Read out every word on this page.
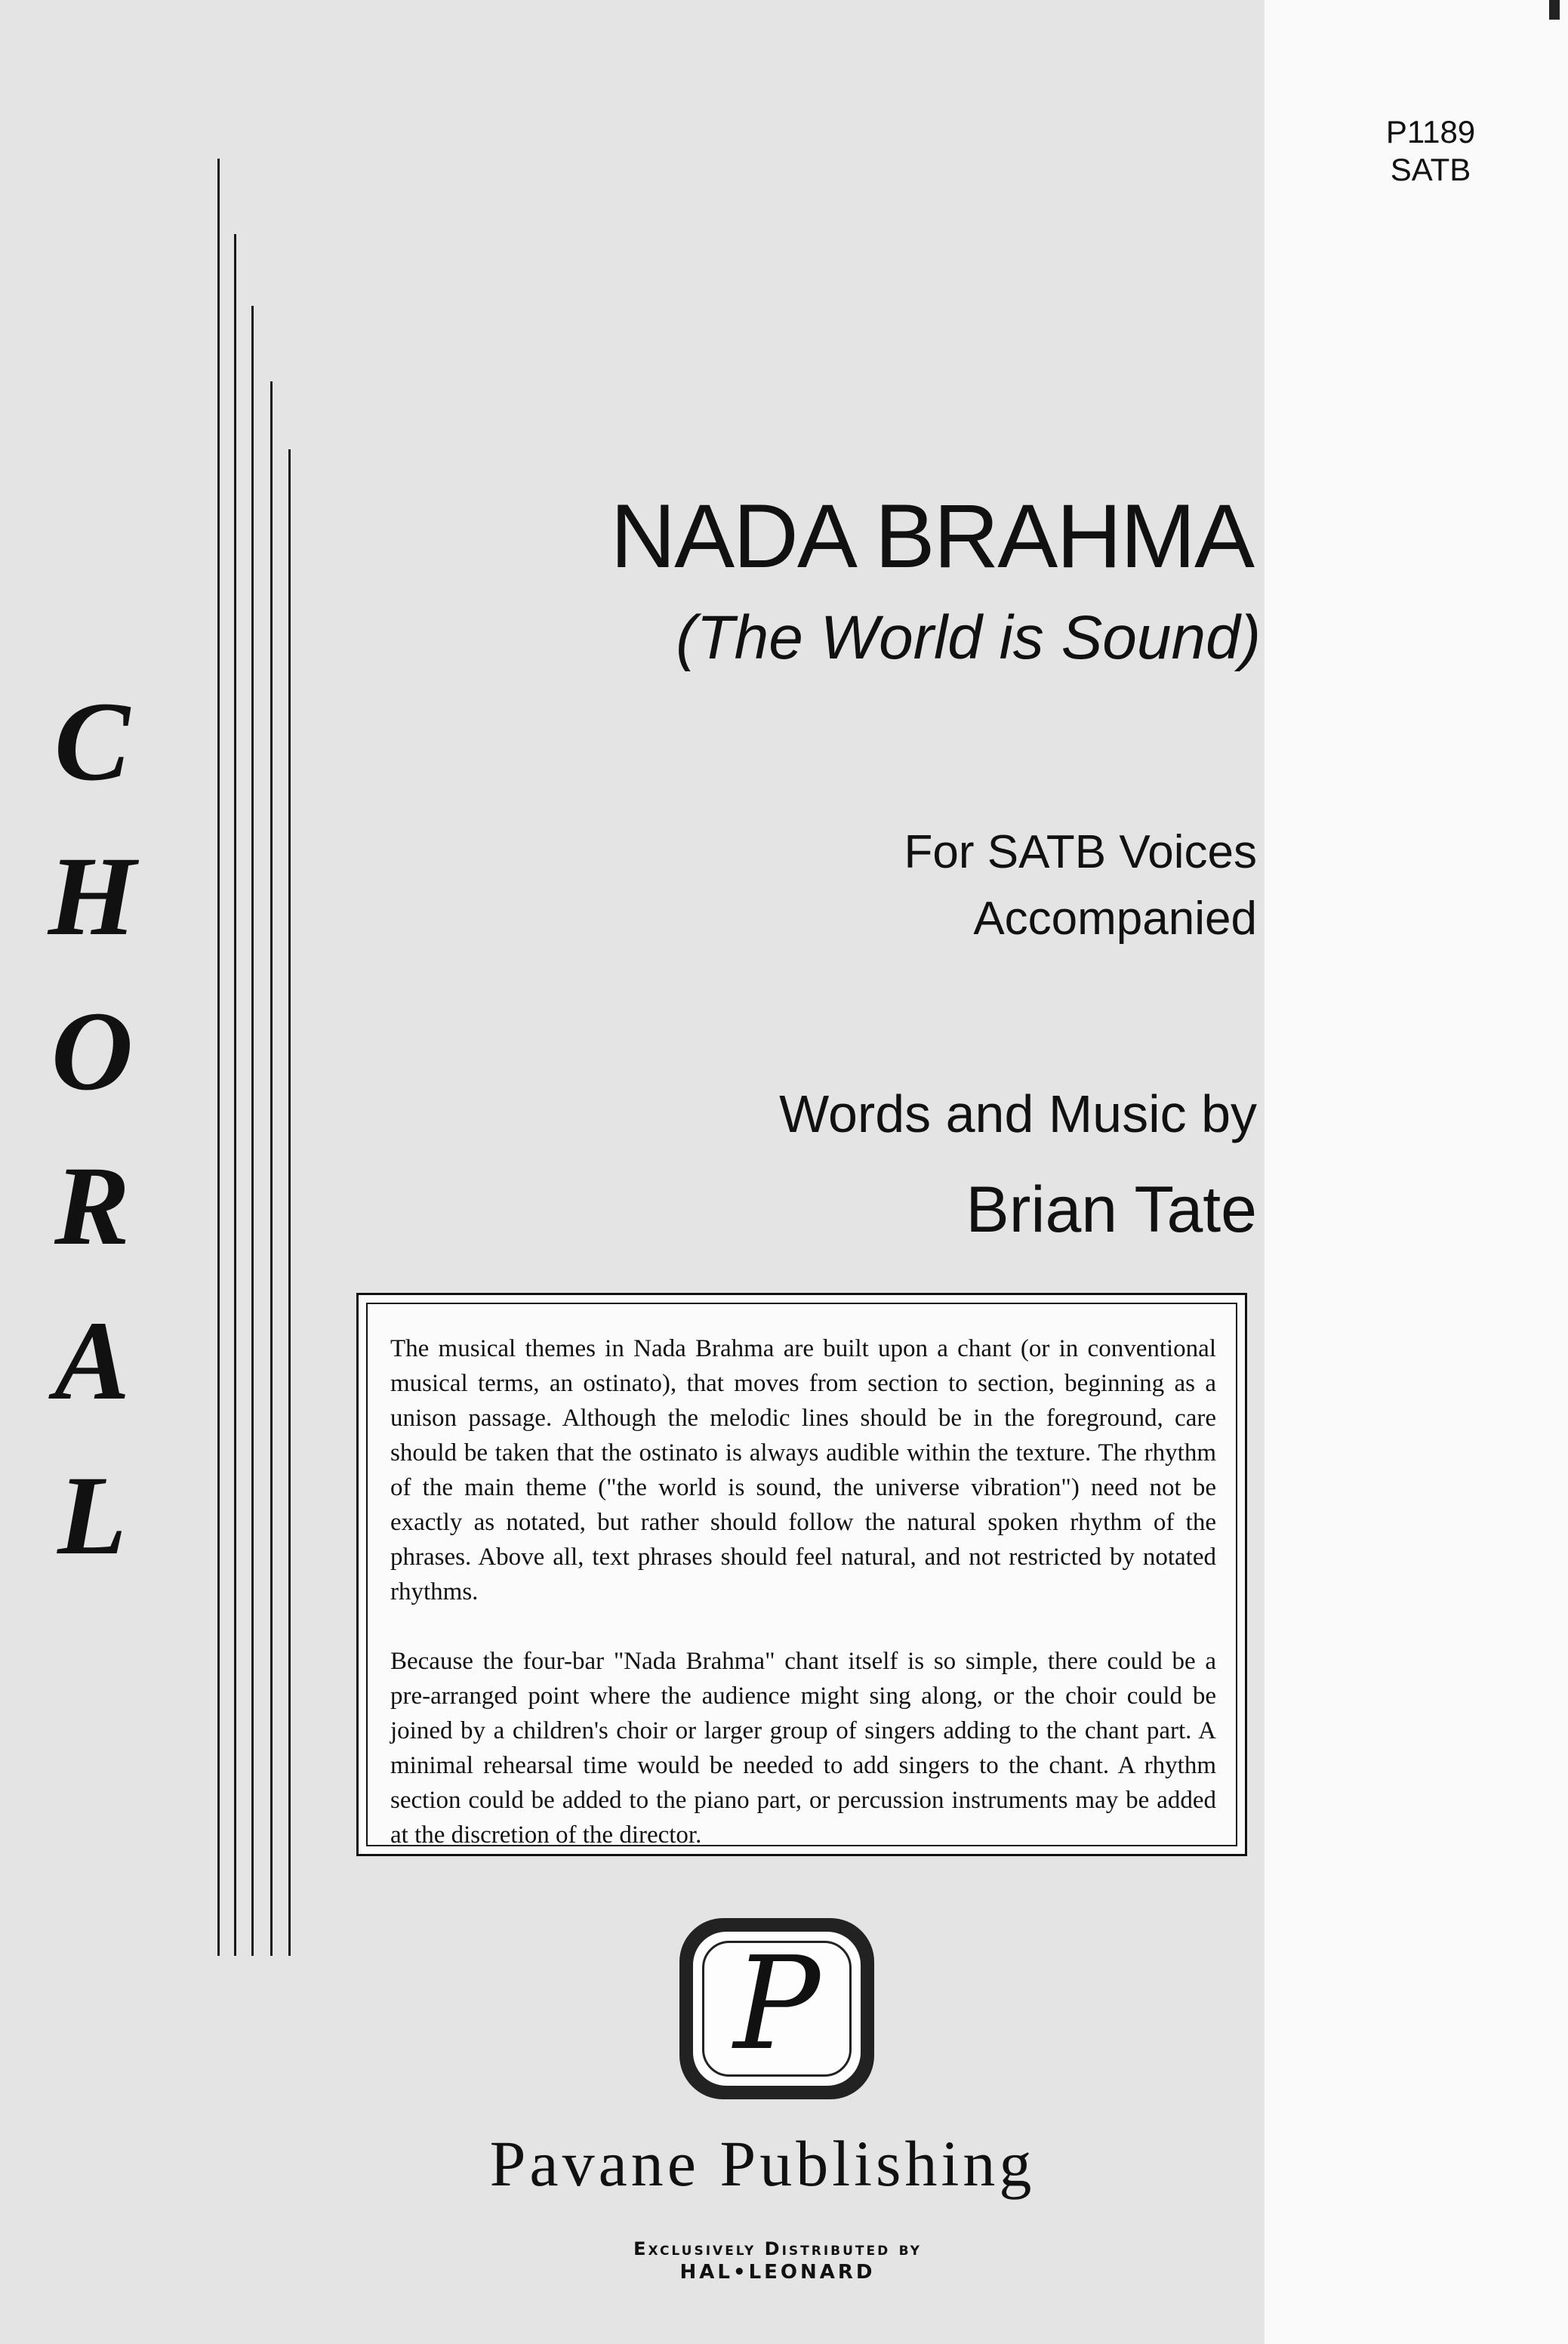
P1189
SATB
C
H
O
R
A
L
NADA BRAHMA
(The World is Sound)
For SATB Voices
Accompanied
Words and Music by
Brian Tate

The musical themes in Nada Brahma are built upon a chant (or in conventional musical terms, an ostinato), that moves from section to section, beginning as a unison passage. Although the melodic lines should be in the foreground, care should be taken that the ostinato is always audible within the texture. The rhythm of the main theme ("the world is sound, the universe vibration") need not be exactly as notated, but rather should follow the natural spoken rhythm of the phrases. Above all, text phrases should feel natural, and not restricted by notated rhythms.

Because the four-bar "Nada Brahma" chant itself is so simple, there could be a pre-arranged point where the audience might sing along, or the choir could be joined by a children's choir or larger group of singers adding to the chant part. A minimal rehearsal time would be needed to add singers to the chant. A rhythm section could be added to the piano part, or percussion instruments may be added at the discretion of the director.

P
Pavane Publishing
Exclusively Distributed by
HAL•LEONARD
